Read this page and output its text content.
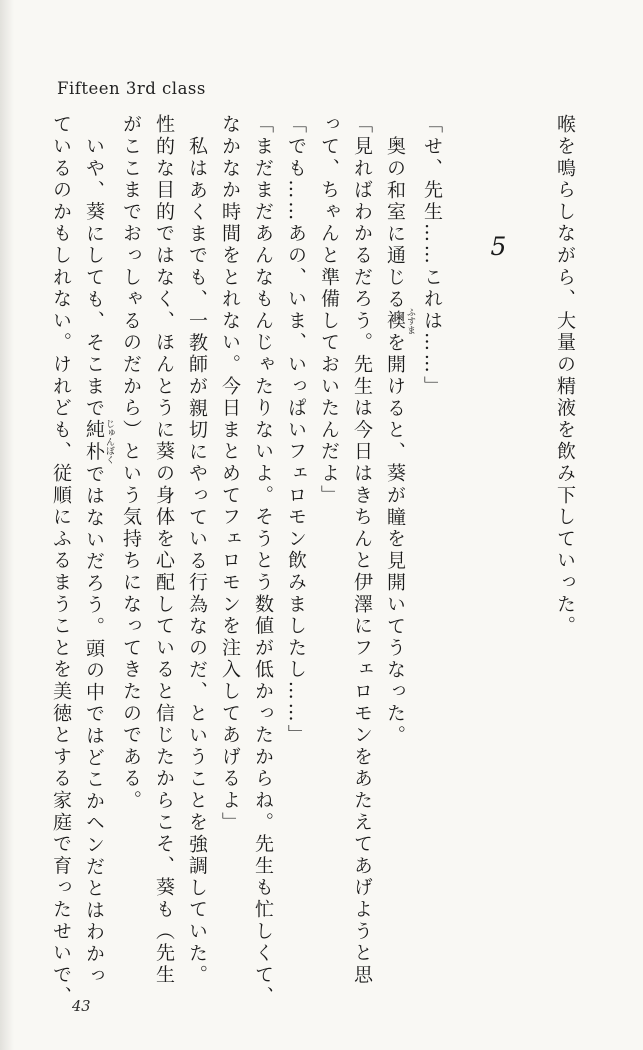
Fifteen 3rd class
喉を鳴らしながら、大量の精液を飲み下していった。
5
「せ、先生……これは……」
奥の和室に通じる襖 ふすまを開けると、葵が瞳を見開いてうなった。
「見ればわかるだろう。先生は今日はきちんと伊澤にフェロモンをあたえてあげようと思
って、ちゃんと準備しておいたんだよ」
「でも……あの、いま、いっぱいフェロモン飲みましたし……」
「まだまだあんなもんじゃたりないよ。そうとう数値が低かったからね。先生も忙しくて、
なかなか時間をとれない。今日まとめてフェロモンを注入してあげるよ」
私はあくまでも、一教師が親切にやっている行為なのだ、ということを強調していた。
性的な目的ではなく、ほんとうに葵の身体を心配していると信じたからこそ、葵も（先生
がここまでおっしゃるのだから）という気持ちになってきたのである。
いや、葵にしても、そこまで純朴 じゅんぼくではないだろう。頭の中ではどこかヘンだとはわかっ
ているのかもしれない。けれども、従順にふるまうことを美徳とする家庭で育ったせいで、 43
